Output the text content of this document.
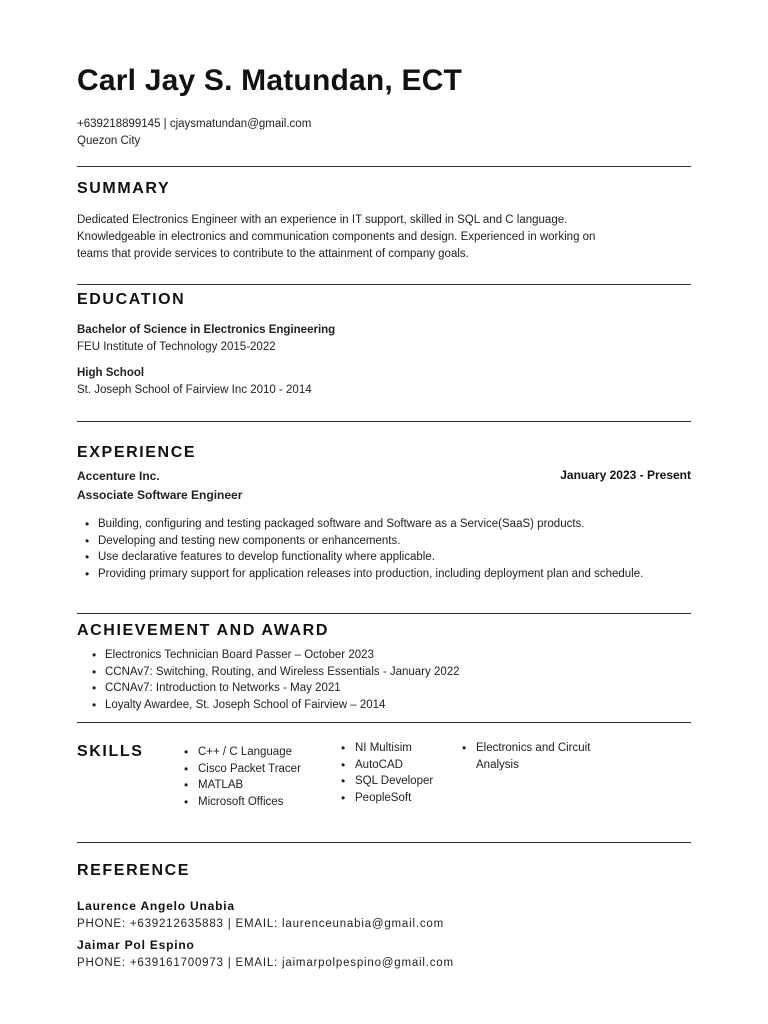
Carl Jay S. Matundan, ECT
+639218899145 | cjaysmatundan@gmail.com
Quezon City
SUMMARY
Dedicated Electronics Engineer with an experience in IT support, skilled in SQL and C language.
Knowledgeable in electronics and communication components and design. Experienced in working on
teams that provide services to contribute to the attainment of company goals.
EDUCATION
Bachelor of Science in Electronics Engineering
FEU Institute of Technology 2015-2022
High School
St. Joseph School of Fairview Inc 2010 - 2014
EXPERIENCE
Accenture Inc.	January 2023 - Present
Associate Software Engineer
• Building, configuring and testing packaged software and Software as a Service(SaaS) products.
• Developing and testing new components or enhancements.
• Use declarative features to develop functionality where applicable.
• Providing primary support for application releases into production, including deployment plan and schedule.
ACHIEVEMENT AND AWARD
• Electronics Technician Board Passer – October 2023
• CCNAv7: Switching, Routing, and Wireless Essentials - January 2022
• CCNAv7: Introduction to Networks - May 2021
• Loyalty Awardee, St. Joseph School of Fairview – 2014
SKILLS
•	C++ / C Language
• Cisco Packet Tracer
• MATLAB
• Microsoft Offices
• NI Multisim
• AutoCAD
• SQL Developer
• PeopleSoft
• Electronics and Circuit Analysis
REFERENCE
Laurence Angelo Unabia
PHONE: +639212635883 | EMAIL: laurenceunabia@gmail.com
Jaimar Pol Espino
PHONE: +639161700973 | EMAIL: jaimarpolpespino@gmail.com
